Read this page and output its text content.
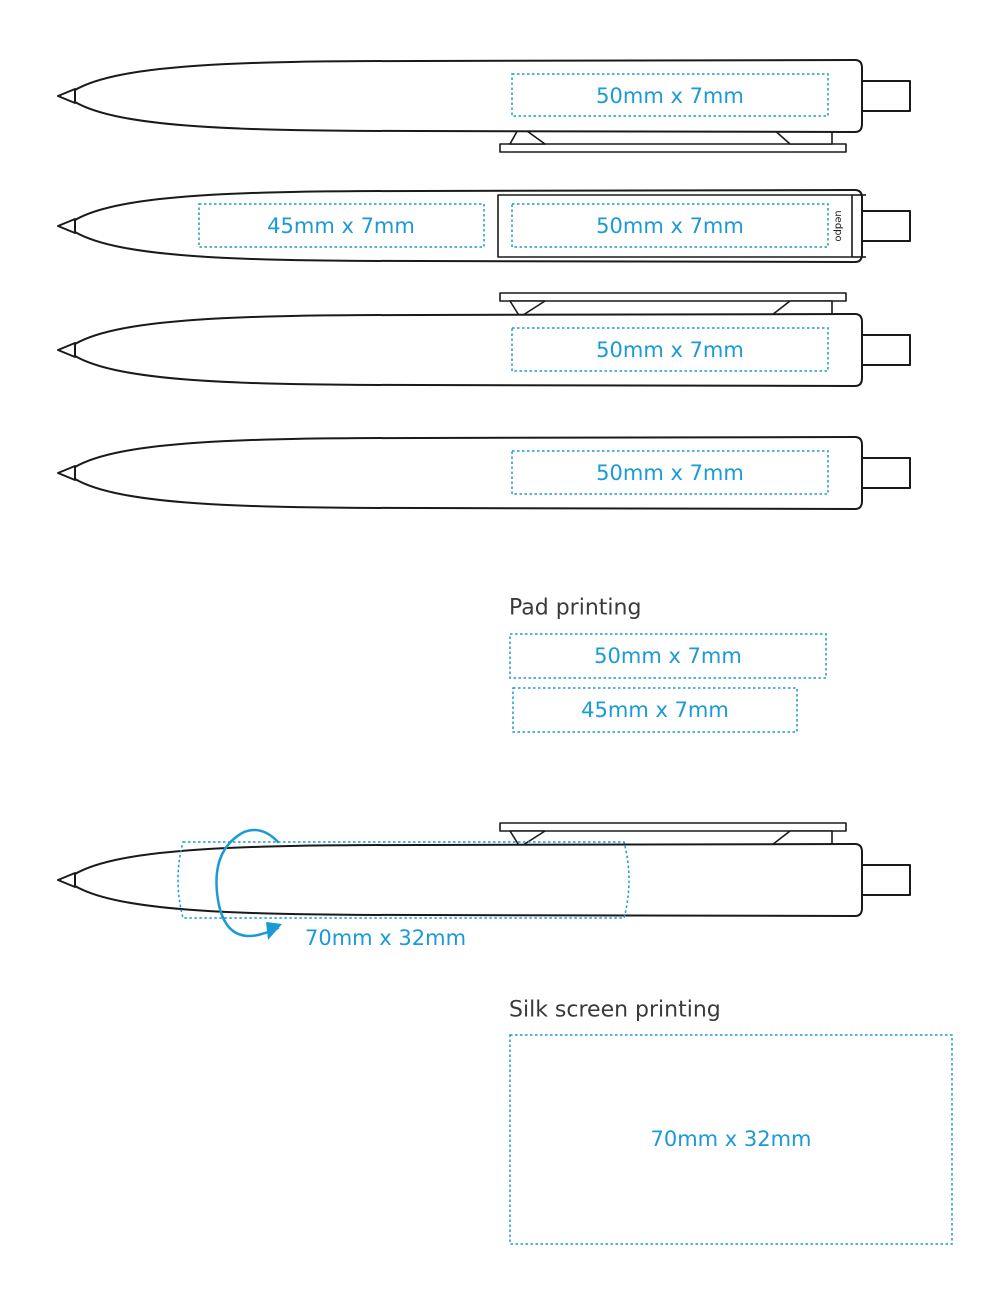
50mm x 7mm
uedpo
45mm x 7mm	50mm x 7mm
50mm x 7mm
50mm x 7mm
Pad printing
50mm x 7mm
45mm x 7mm
70mm x 32mm
Silk screen printing
70mm x 32mm
